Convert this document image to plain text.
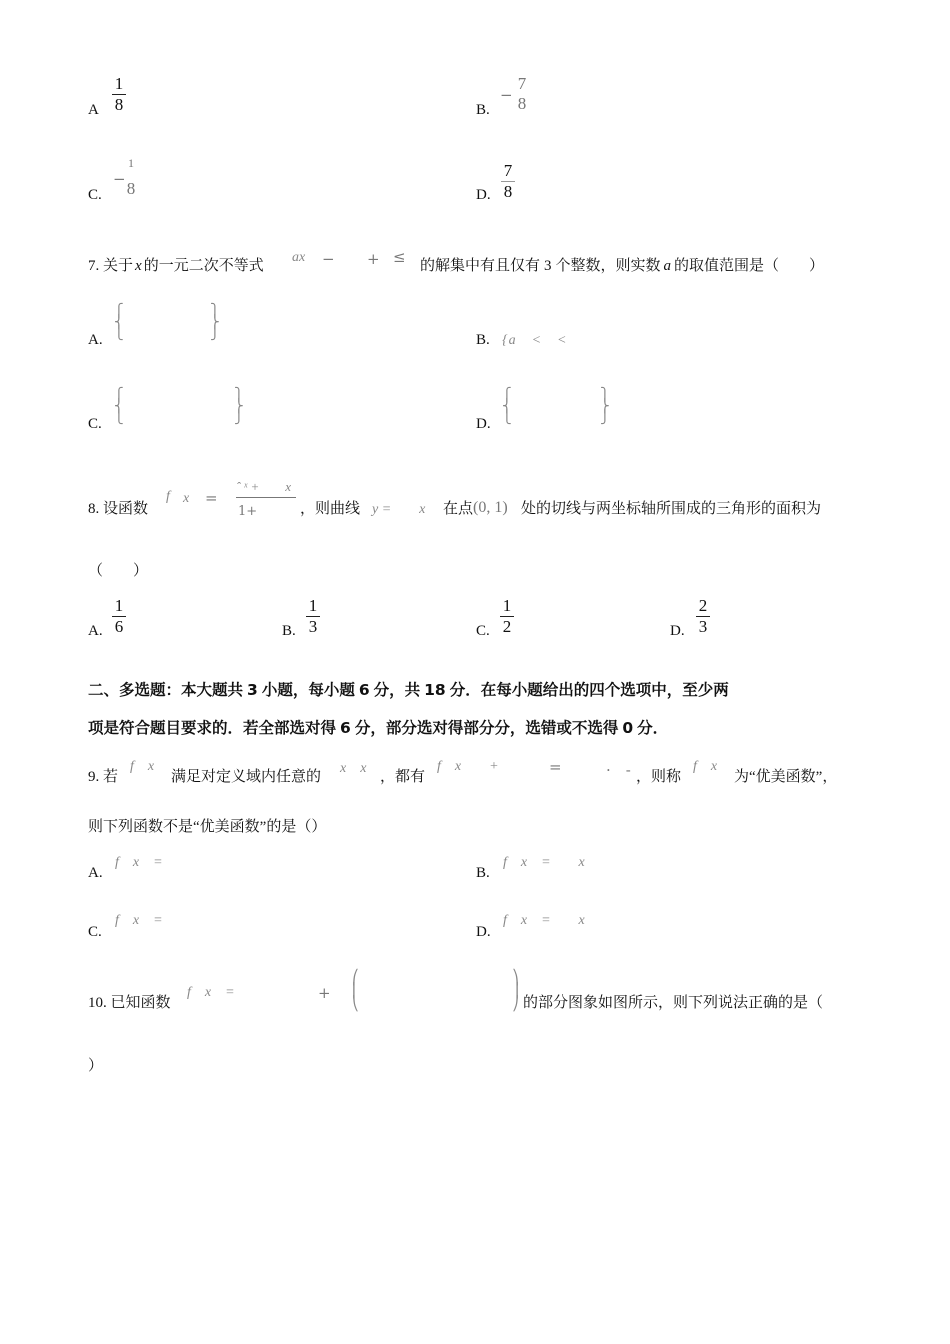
A
1
8	B.
−
7
8
C.
−
1
8	D.
7
8
7. 关于 x 的一元二次不等式
ax − + ≤ 的解集中有且仅有 3 个整数，则实数 a 的取值范围是（　　）
A.
⎧
⎨
⎩
⎫
⎬
⎭	B. {a　<　<
C.
⎧
⎨
⎩
⎫
⎬
⎭	D.
⎧
⎨
⎩
⎫
⎬
⎭
8. 设函数
f x =
ˆ ˣ +　　x
1+	，则曲线 y =　　x 在点 (0, 1) 处的切线与两坐标轴所围成的三角形的面积为
（　　）
A.
1
6	B.
1
3	C.
1
2	D.
2
3
二、多选题：本大题共 3 小题，每小题 6 分，共 18 分．在每小题给出的四个选项中，至少两
项是符合题目要求的．若全部选对得 6 分，部分选对得部分分，选错或不选得 0 分．
9. 若
f　x
满足对定义域内任意的
x　x
，都有
f　x　　+	=	·　- ，则称
f　x
为“优美函数”，
则下列函数不是“优美函数”的是（）
A.
f　x　=
B.
f　x　=　　x
C.
f　x　=
D.
f　x　=　　x
10. 已知函数
f　x　=	+
⎛
⎜
⎝
⎞
⎟
⎠ 的部分图象如图所示，则下列说法正确的是（
）
